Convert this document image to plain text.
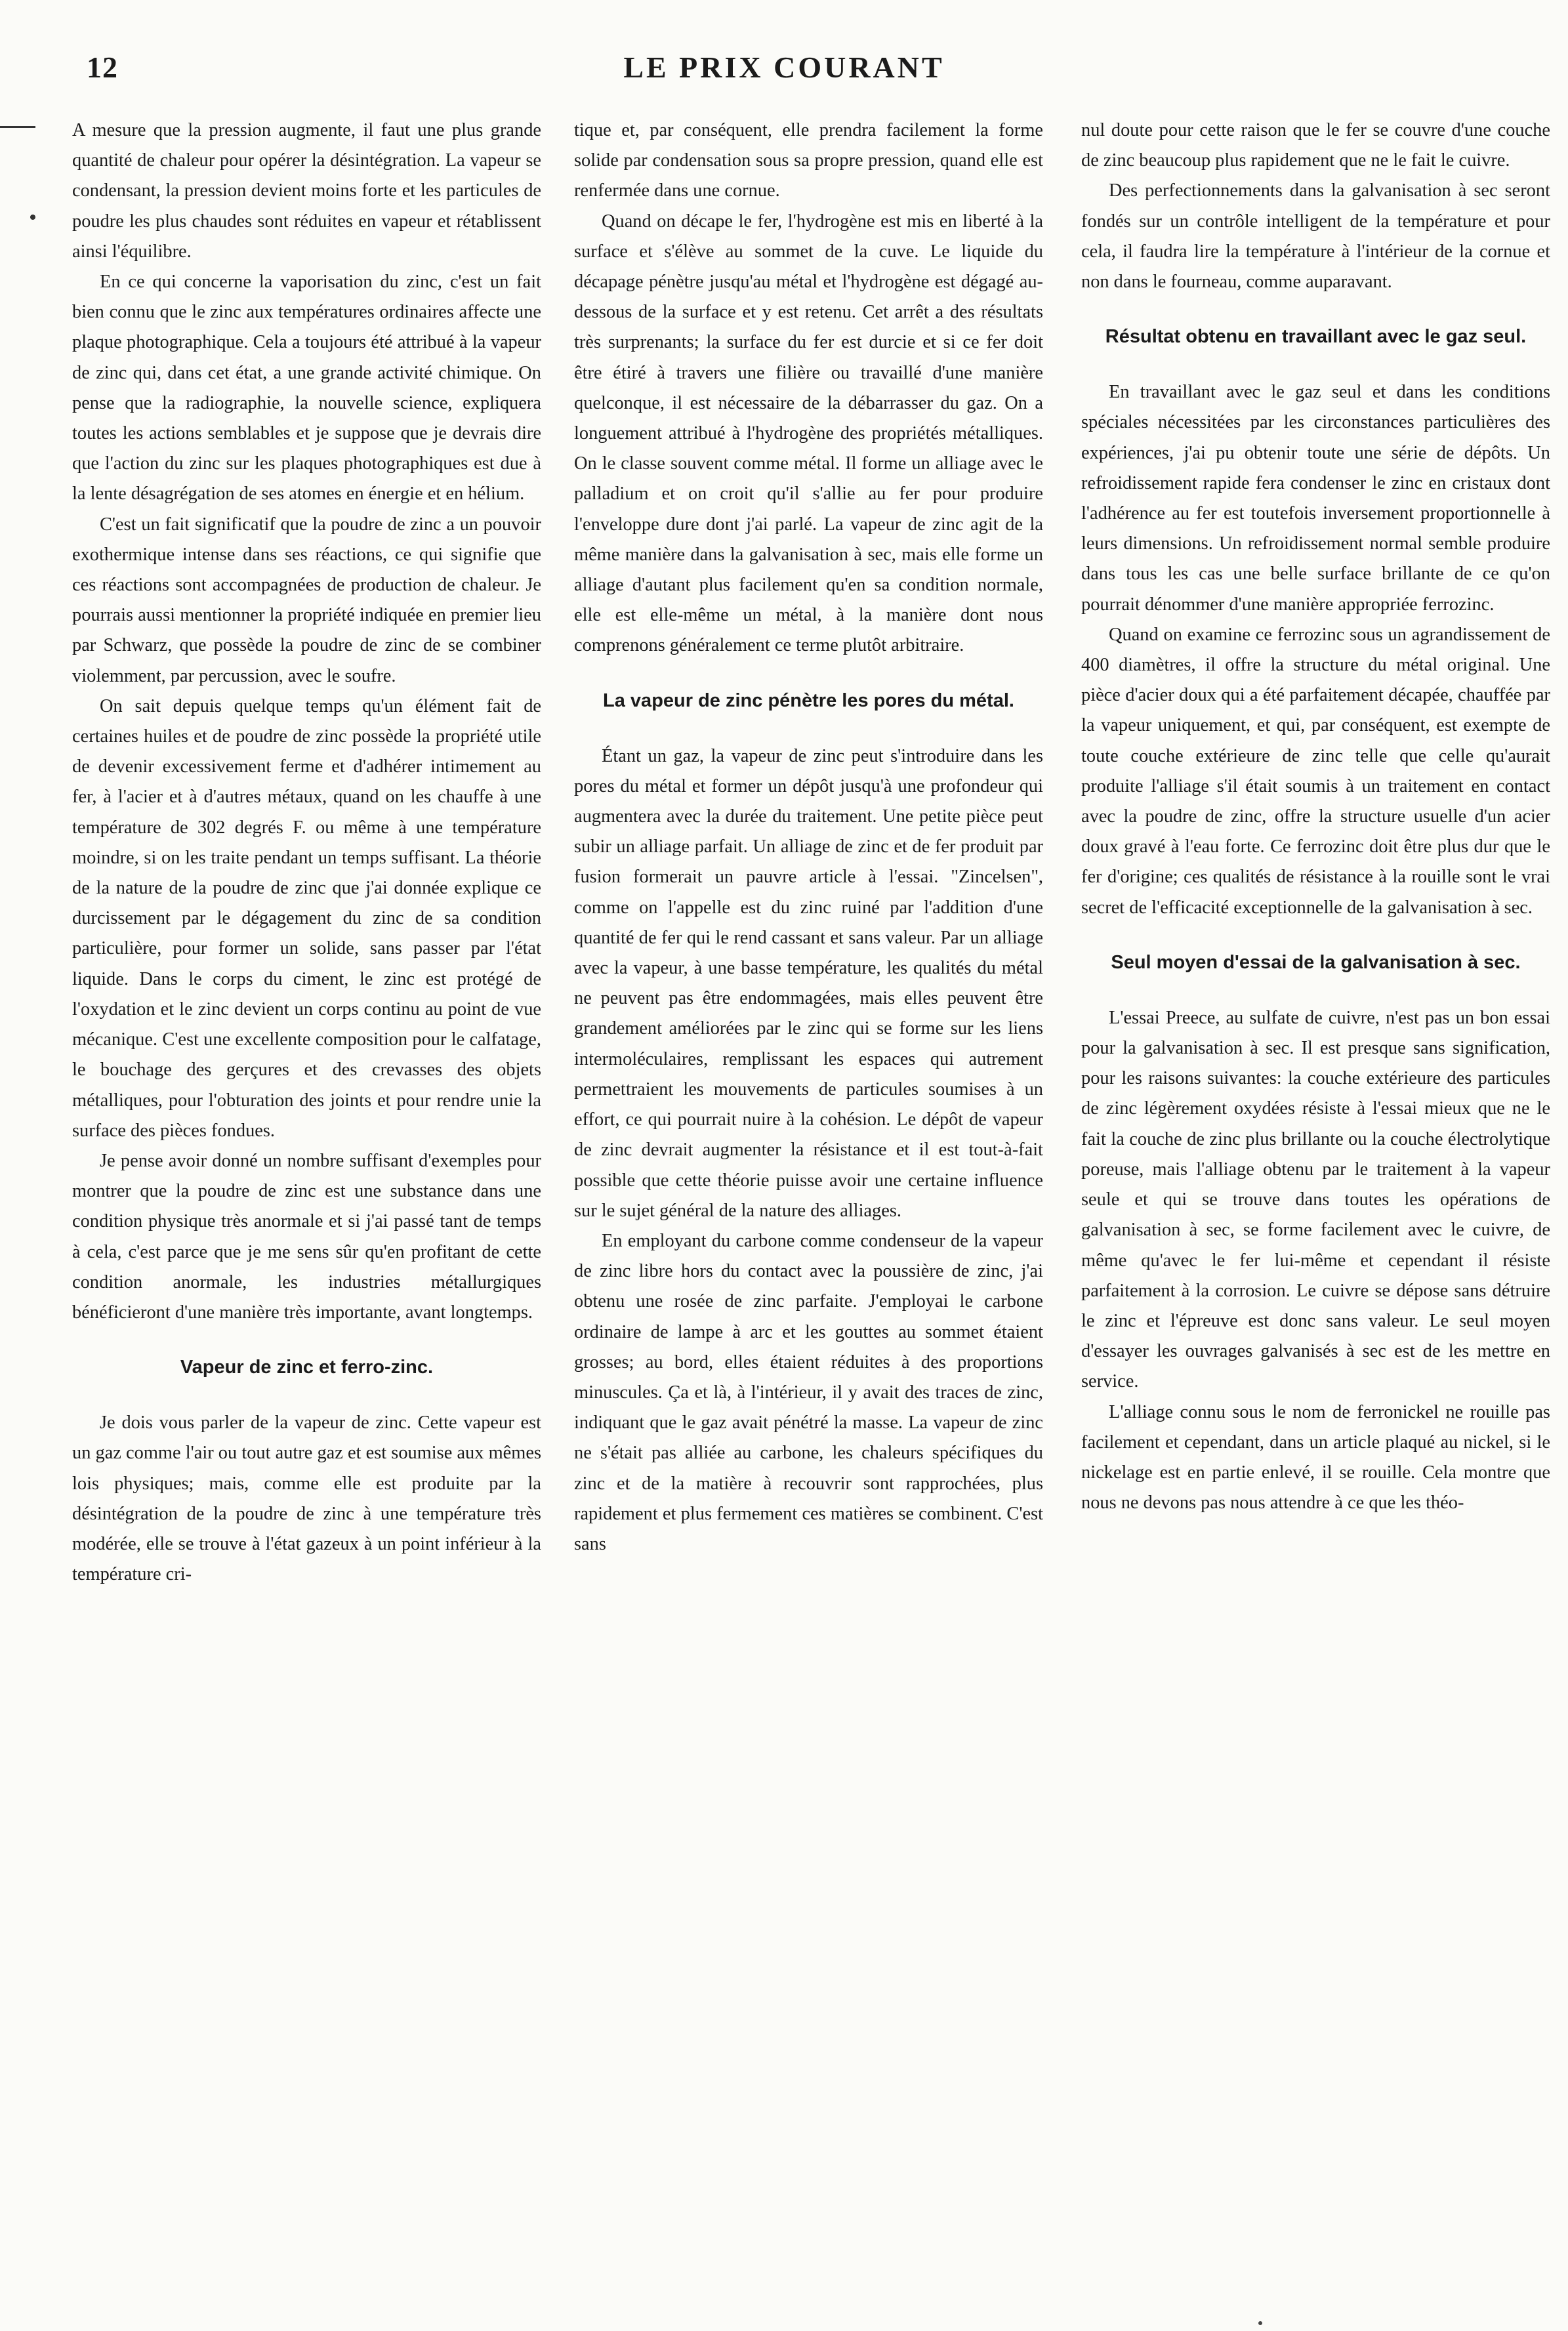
12	LE PRIX COURANT

A mesure que la pression augmente, il faut une plus grande quantité de chaleur pour opérer la désintégration. La vapeur se condensant, la pression devient moins forte et les particules de poudre les plus chaudes sont réduites en vapeur et rétablissent ainsi l'équilibre.

En ce qui concerne la vaporisation du zinc, c'est un fait bien connu que le zinc aux températures ordinaires affecte une plaque photographique. Cela a toujours été attribué à la vapeur de zinc qui, dans cet état, a une grande activité chimique. On pense que la radiographie, la nouvelle science, expliquera toutes les actions semblables et je suppose que je devrais dire que l'action du zinc sur les plaques photographiques est due à la lente désagrégation de ses atomes en énergie et en hélium.

C'est un fait significatif que la poudre de zinc a un pouvoir exothermique intense dans ses réactions, ce qui signifie que ces réactions sont accompagnées de production de chaleur. Je pourrais aussi mentionner la propriété indiquée en premier lieu par Schwarz, que possède la poudre de zinc de se combiner violemment, par percussion, avec le soufre.

On sait depuis quelque temps qu'un élément fait de certaines huiles et de poudre de zinc possède la propriété utile de devenir excessivement ferme et d'adhérer intimement au fer, à l'acier et à d'autres métaux, quand on les chauffe à une température de 302 degrés F. ou même à une température moindre, si on les traite pendant un temps suffisant. La théorie de la nature de la poudre de zinc que j'ai donnée explique ce durcissement par le dégagement du zinc de sa condition particulière, pour former un solide, sans passer par l'état liquide. Dans le corps du ciment, le zinc est protégé de l'oxydation et le zinc devient un corps continu au point de vue mécanique. C'est une excellente composition pour le calfatage, le bouchage des gerçures et des crevasses des objets métalliques, pour l'obturation des joints et pour rendre unie la surface des pièces fondues.

Je pense avoir donné un nombre suffisant d'exemples pour montrer que la poudre de zinc est une substance dans une condition physique très anormale et si j'ai passé tant de temps à cela, c'est parce que je me sens sûr qu'en profitant de cette condition anormale, les industries métallurgiques bénéficieront d'une manière très importante, avant longtemps.

Vapeur de zinc et ferro-zinc.

Je dois vous parler de la vapeur de zinc. Cette vapeur est un gaz comme l'air ou tout autre gaz et est soumise aux mêmes lois physiques; mais, comme elle est produite par la désintégration de la poudre de zinc à une température très modérée, elle se trouve à l'état gazeux à un point inférieur à la température cri-

tique et, par conséquent, elle prendra facilement la forme solide par condensation sous sa propre pression, quand elle est renfermée dans une cornue.

Quand on décape le fer, l'hydrogène est mis en liberté à la surface et s'élève au sommet de la cuve. Le liquide du décapage pénètre jusqu'au métal et l'hydrogène est dégagé au-dessous de la surface et y est retenu. Cet arrêt a des résultats très surprenants; la surface du fer est durcie et si ce fer doit être étiré à travers une filière ou travaillé d'une manière quelconque, il est nécessaire de la débarrasser du gaz. On a longuement attribué à l'hydrogène des propriétés métalliques. On le classe souvent comme métal. Il forme un alliage avec le palladium et on croit qu'il s'allie au fer pour produire l'enveloppe dure dont j'ai parlé. La vapeur de zinc agit de la même manière dans la galvanisation à sec, mais elle forme un alliage d'autant plus facilement qu'en sa condition normale, elle est elle-même un métal, à la manière dont nous comprenons généralement ce terme plutôt arbitraire.

La vapeur de zinc pénètre les pores du métal.

Étant un gaz, la vapeur de zinc peut s'introduire dans les pores du métal et former un dépôt jusqu'à une profondeur qui augmentera avec la durée du traitement. Une petite pièce peut subir un alliage parfait. Un alliage de zinc et de fer produit par fusion formerait un pauvre article à l'essai. "Zincelsen", comme on l'appelle est du zinc ruiné par l'addition d'une quantité de fer qui le rend cassant et sans valeur. Par un alliage avec la vapeur, à une basse température, les qualités du métal ne peuvent pas être endommagées, mais elles peuvent être grandement améliorées par le zinc qui se forme sur les liens intermoléculaires, remplissant les espaces qui autrement permettraient les mouvements de particules soumises à un effort, ce qui pourrait nuire à la cohésion. Le dépôt de vapeur de zinc devrait augmenter la résistance et il est tout-à-fait possible que cette théorie puisse avoir une certaine influence sur le sujet général de la nature des alliages.

En employant du carbone comme condenseur de la vapeur de zinc libre hors du contact avec la poussière de zinc, j'ai obtenu une rosée de zinc parfaite. J'employai le carbone ordinaire de lampe à arc et les gouttes au sommet étaient grosses; au bord, elles étaient réduites à des proportions minuscules. Ça et là, à l'intérieur, il y avait des traces de zinc, indiquant que le gaz avait pénétré la masse. La vapeur de zinc ne s'était pas alliée au carbone, les chaleurs spécifiques du zinc et de la matière à recouvrir sont rapprochées, plus rapidement et plus fermement ces matières se combinent. C'est sans

nul doute pour cette raison que le fer se couvre d'une couche de zinc beaucoup plus rapidement que ne le fait le cuivre.

Des perfectionnements dans la galvanisation à sec seront fondés sur un contrôle intelligent de la température et pour cela, il faudra lire la température à l'intérieur de la cornue et non dans le fourneau, comme auparavant.

Résultat obtenu en travaillant avec le gaz seul.

En travaillant avec le gaz seul et dans les conditions spéciales nécessitées par les circonstances particulières des expériences, j'ai pu obtenir toute une série de dépôts. Un refroidissement rapide fera condenser le zinc en cristaux dont l'adhérence au fer est toutefois inversement proportionnelle à leurs dimensions. Un refroidissement normal semble produire dans tous les cas une belle surface brillante de ce qu'on pourrait dénommer d'une manière appropriée ferrozinc.

Quand on examine ce ferrozinc sous un agrandissement de 400 diamètres, il offre la structure du métal original. Une pièce d'acier doux qui a été parfaitement décapée, chauffée par la vapeur uniquement, et qui, par conséquent, est exempte de toute couche extérieure de zinc telle que celle qu'aurait produite l'alliage s'il était soumis à un traitement en contact avec la poudre de zinc, offre la structure usuelle d'un acier doux gravé à l'eau forte. Ce ferrozinc doit être plus dur que le fer d'origine; ces qualités de résistance à la rouille sont le vrai secret de l'efficacité exceptionnelle de la galvanisation à sec.

Seul moyen d'essai de la galvanisation à sec.

L'essai Preece, au sulfate de cuivre, n'est pas un bon essai pour la galvanisation à sec. Il est presque sans signification, pour les raisons suivantes: la couche extérieure des particules de zinc légèrement oxydées résiste à l'essai mieux que ne le fait la couche de zinc plus brillante ou la couche électrolytique poreuse, mais l'alliage obtenu par le traitement à la vapeur seule et qui se trouve dans toutes les opérations de galvanisation à sec, se forme facilement avec le cuivre, de même qu'avec le fer lui-même et cependant il résiste parfaitement à la corrosion. Le cuivre se dépose sans détruire le zinc et l'épreuve est donc sans valeur. Le seul moyen d'essayer les ouvrages galvanisés à sec est de les mettre en service.

L'alliage connu sous le nom de ferronickel ne rouille pas facilement et cependant, dans un article plaqué au nickel, si le nickelage est en partie enlevé, il se rouille. Cela montre que nous ne devons pas nous attendre à ce que les théo-
